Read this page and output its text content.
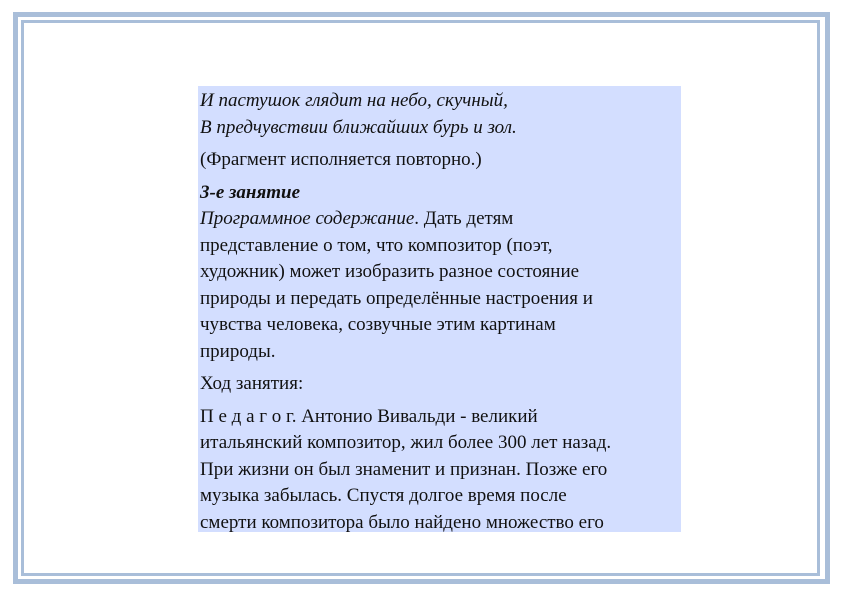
И пастушок глядит на небо, скучный,
В предчувствии ближайших бурь и зол.
(Фрагмент исполняется повторно.)
3-е занятие
Программное содержание. Дать детям
представление о том, что композитор (поэт,
художник) может изобразить разное состояние
природы и передать определённые настроения и
чувства человека, созвучные этим картинам
природы.
Ход занятия:
П е д а г о г. Антонио Вивальди - великий
итальянский композитор, жил более 300 лет назад.
При жизни он был знаменит и признан. Позже его
музыка забылась. Спустя долгое время после
смерти композитора было найдено множество его
